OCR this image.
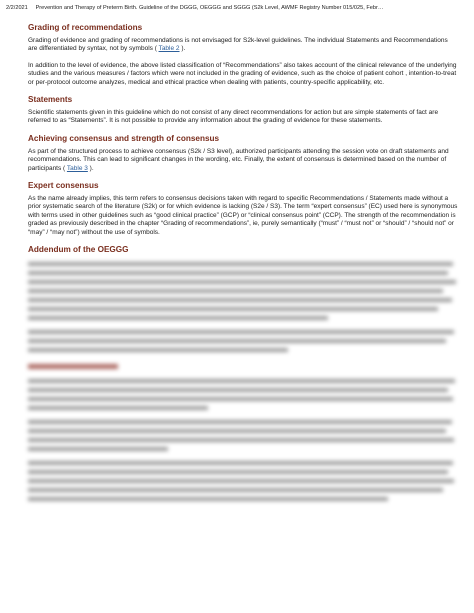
2/2/2021 Prevention and Therapy of Preterm Birth. Guideline of the DGGG, OEGGG and SGGG (S2k Level, AWMF Registry Number 015/025, Febr…
Grading of recommendations

Grading of evidence and grading of recommendations is not envisaged for S2k-level guidelines. The individual Statements and Recommendations are differentiated by syntax, not by symbols ( Table 2 ).

In addition to the level of evidence, the above listed classification of “Recommendations” also takes account of the clinical relevance of the underlying studies and the various measures / factors which were not included in the grading of evidence, such as the choice of patient cohort , intention-to-treat or per-protocol outcome analyzes, medical and ethical practice when dealing with patients, country-specific applicability, etc.

Statements

Scientific statements given in this guideline which do not consist of any direct recommendations for action but are simple statements of fact are referred to as “Statements”. It is not possible to provide any information about the grading of evidence for these statements.

Achieving consensus and strength of consensus

As part of the structured process to achieve consensus (S2k / S3 level), authorized participants attending the session vote on draft statements and recommendations. This can lead to significant changes in the wording, etc. Finally, the extent of consensus is determined based on the number of participants ( Table 3 ).

Expert consensus

As the name already implies, this term refers to consensus decisions taken with regard to specific Recommendations / Statements made without a prior systematic search of the literature (S2k) or for which evidence is lacking (S2e / S3). The term “expert consensus” (EC) used here is synonymous with terms used in other guidelines such as “good clinical practice” (GCP) or “clinical consensus point” (CCP). The strength of the recommendation is graded as previously described in the chapter “Grading of recommendations”, ie, purely semantically (“must” / “must not” or “should” / “should not” or “may” / “may not”) without the use of symbols.

Addendum of the OEGGG
